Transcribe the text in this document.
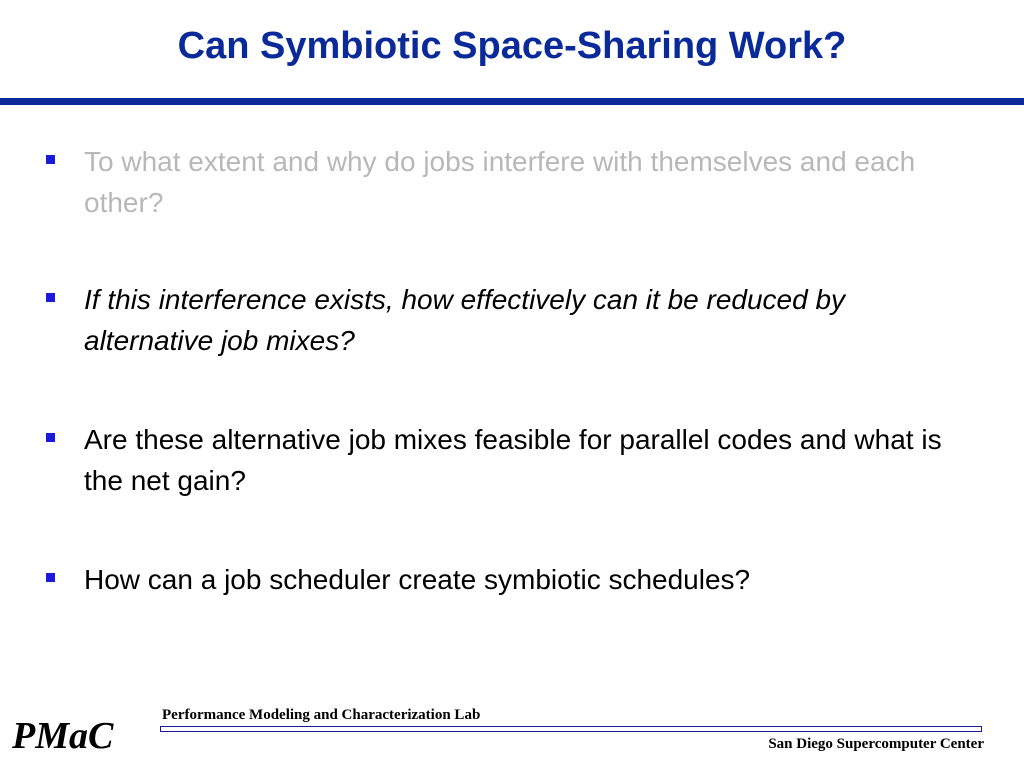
Can Symbiotic Space-Sharing Work?
To what extent and why do jobs interfere with themselves and each other?
If this interference exists, how effectively can it be reduced by alternative job mixes?
Are these alternative job mixes feasible for parallel codes and what is the net gain?
How can a job scheduler create symbiotic schedules?
PMaC	Performance Modeling and Characterization Lab
San Diego Supercomputer Center
